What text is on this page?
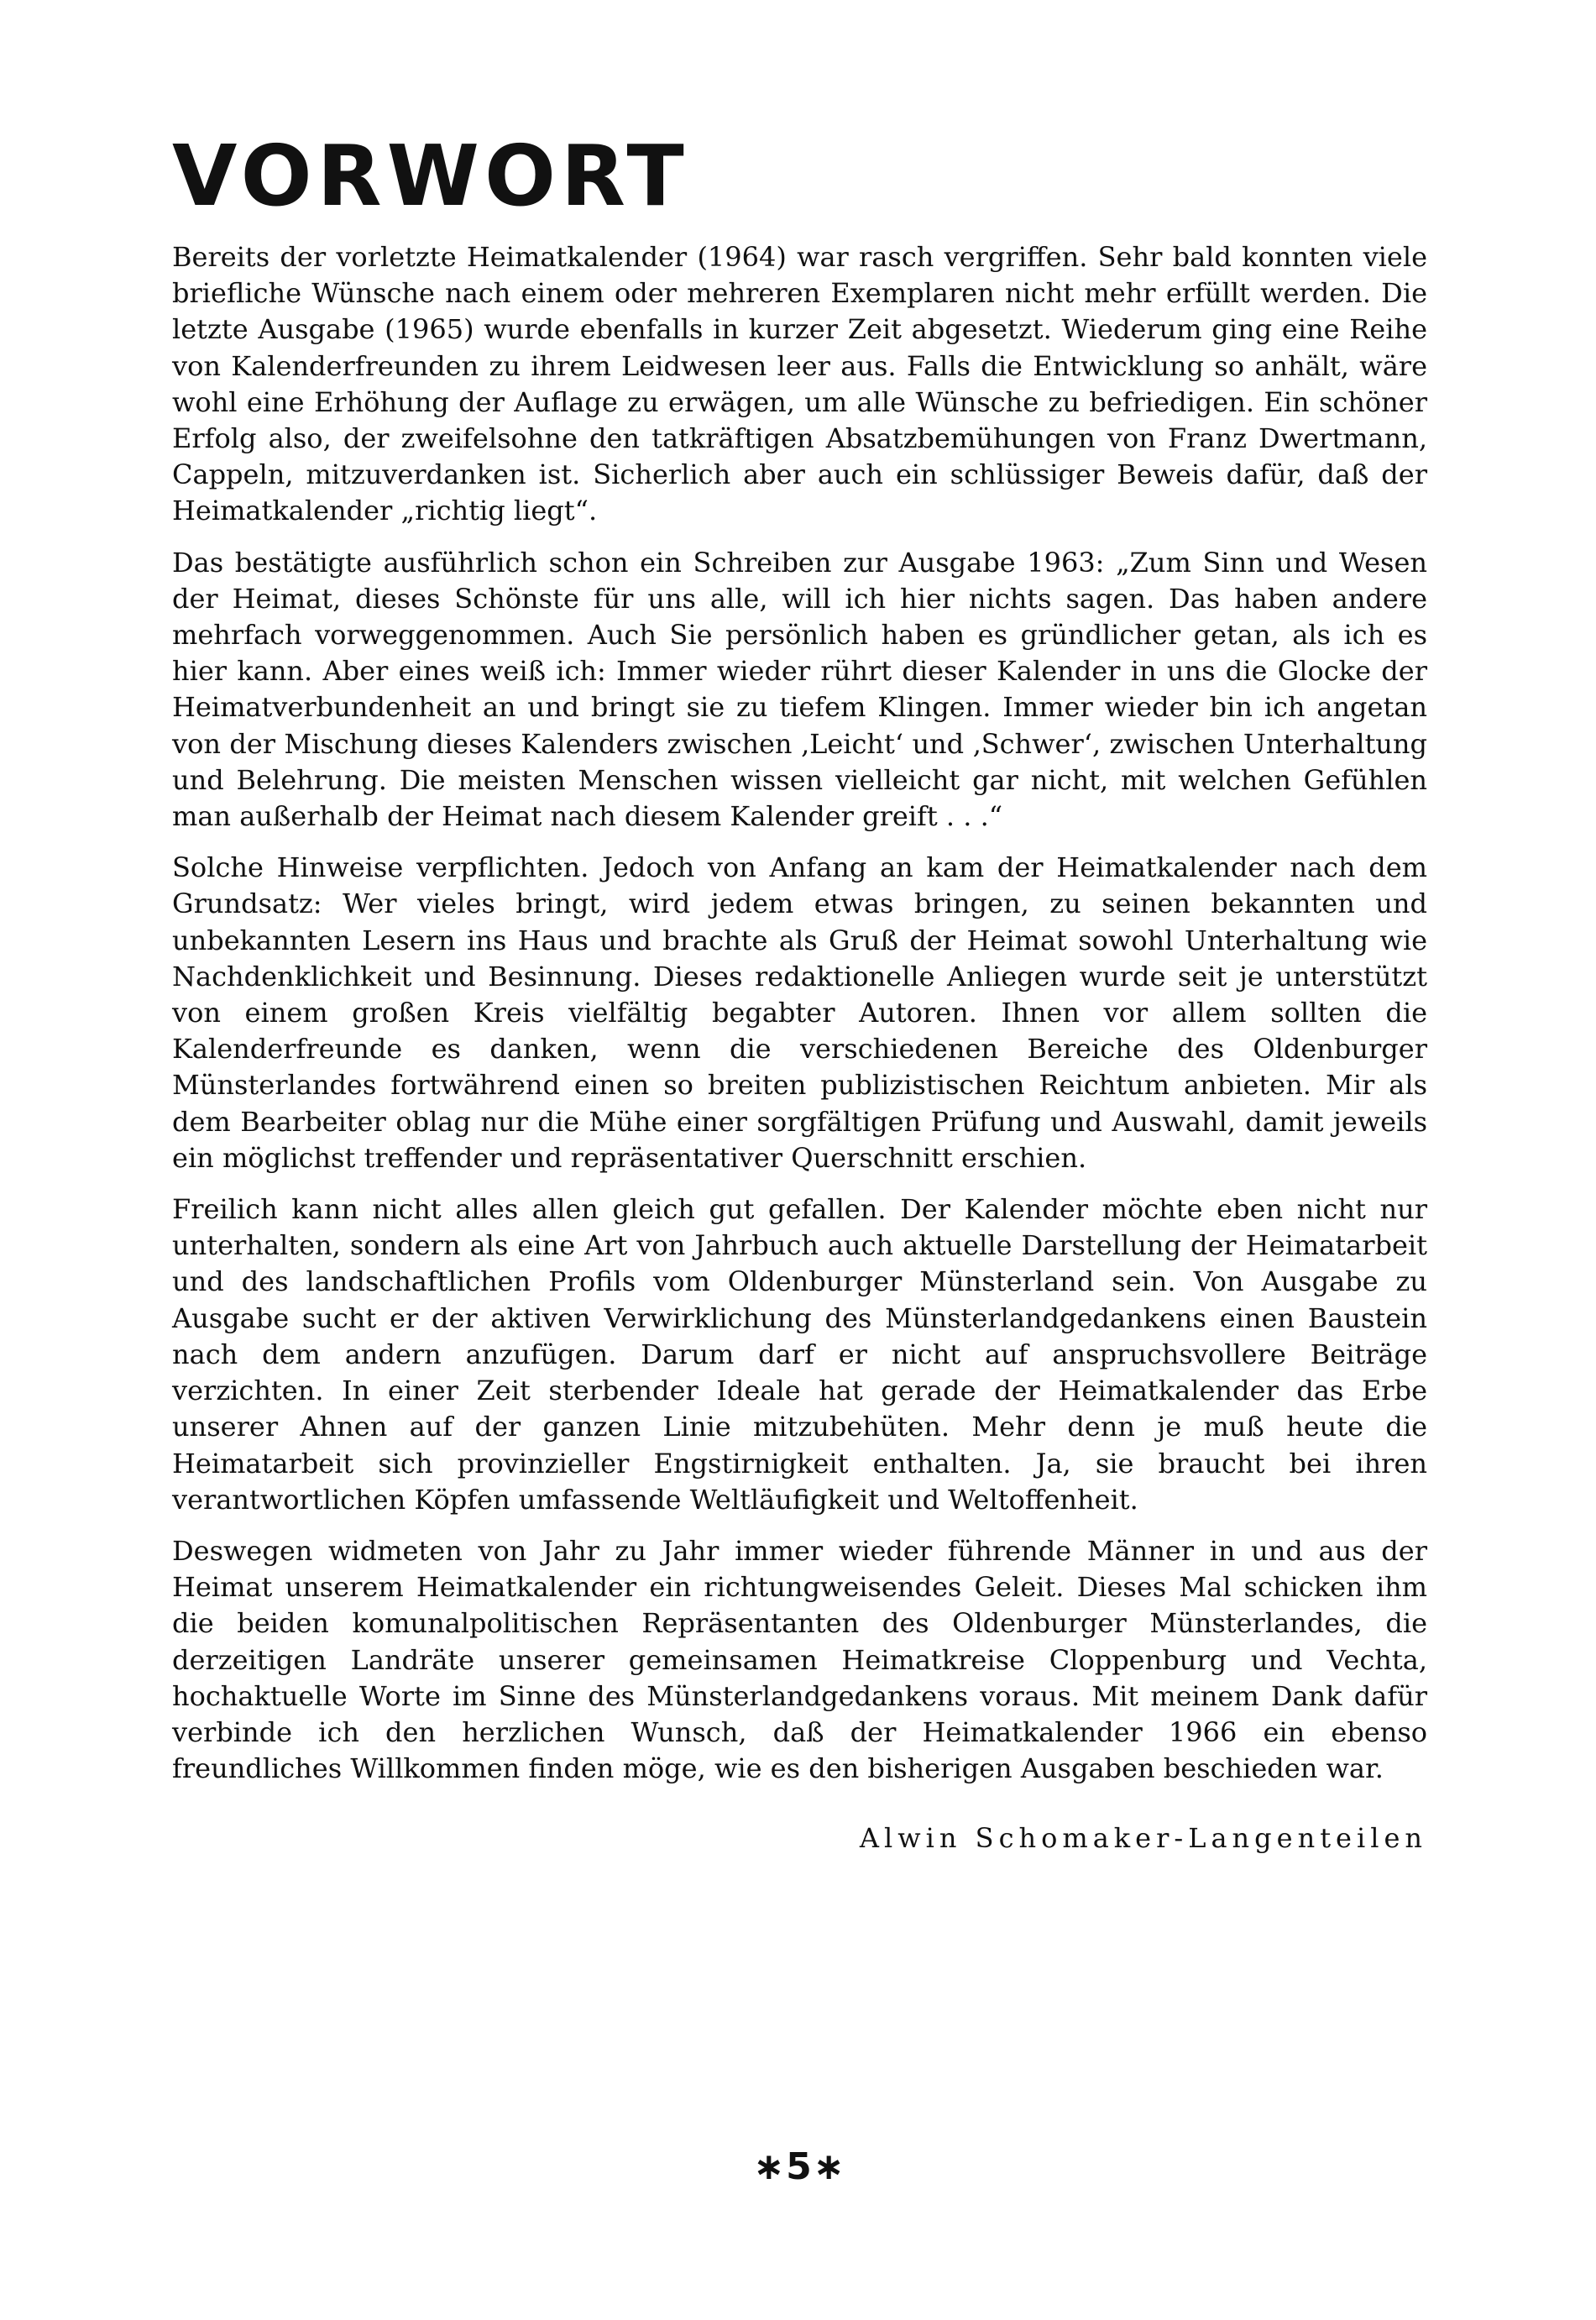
VORWORT

Bereits der vorletzte Heimatkalender (1964) war rasch vergriffen. Sehr bald konnten viele briefliche Wünsche nach einem oder mehreren Exemplaren nicht mehr erfüllt werden. Die letzte Ausgabe (1965) wurde ebenfalls in kurzer Zeit abgesetzt. Wiederum ging eine Reihe von Kalenderfreunden zu ihrem Leidwesen leer aus. Falls die Entwicklung so anhält, wäre wohl eine Erhöhung der Auflage zu erwägen, um alle Wünsche zu befriedigen. Ein schöner Erfolg also, der zweifelsohne den tatkräftigen Absatzbemühungen von Franz Dwertmann, Cappeln, mitzuverdanken ist. Sicherlich aber auch ein schlüssiger Beweis dafür, daß der Heimatkalender „richtig liegt“.

Das bestätigte ausführlich schon ein Schreiben zur Ausgabe 1963: „Zum Sinn und Wesen der Heimat, dieses Schönste für uns alle, will ich hier nichts sagen. Das haben andere mehrfach vorweggenommen. Auch Sie persönlich haben es gründlicher getan, als ich es hier kann. Aber eines weiß ich: Immer wieder rührt dieser Kalender in uns die Glocke der Heimatverbundenheit an und bringt sie zu tiefem Klingen. Immer wieder bin ich angetan von der Mischung dieses Kalenders zwischen ‚Leicht‘ und ‚Schwer‘, zwischen Unterhaltung und Belehrung. Die meisten Menschen wissen vielleicht gar nicht, mit welchen Gefühlen man außerhalb der Heimat nach diesem Kalender greift . . .“

Solche Hinweise verpflichten. Jedoch von Anfang an kam der Heimatkalender nach dem Grundsatz: Wer vieles bringt, wird jedem etwas bringen, zu seinen bekannten und unbekannten Lesern ins Haus und brachte als Gruß der Heimat sowohl Unterhaltung wie Nachdenklichkeit und Besinnung. Dieses redaktionelle Anliegen wurde seit je unterstützt von einem großen Kreis vielfältig begabter Autoren. Ihnen vor allem sollten die Kalenderfreunde es danken, wenn die verschiedenen Bereiche des Oldenburger Münsterlandes fortwährend einen so breiten publizistischen Reichtum anbieten. Mir als dem Bearbeiter oblag nur die Mühe einer sorgfältigen Prüfung und Auswahl, damit jeweils ein möglichst treffender und repräsentativer Querschnitt erschien.

Freilich kann nicht alles allen gleich gut gefallen. Der Kalender möchte eben nicht nur unterhalten, sondern als eine Art von Jahrbuch auch aktuelle Darstellung der Heimatarbeit und des landschaftlichen Profils vom Oldenburger Münsterland sein. Von Ausgabe zu Ausgabe sucht er der aktiven Verwirklichung des Münsterlandgedankens einen Baustein nach dem andern anzufügen. Darum darf er nicht auf anspruchsvollere Beiträge verzichten. In einer Zeit sterbender Ideale hat gerade der Heimatkalender das Erbe unserer Ahnen auf der ganzen Linie mitzubehüten. Mehr denn je muß heute die Heimatarbeit sich provinzieller Engstirnigkeit enthalten. Ja, sie braucht bei ihren verantwortlichen Köpfen umfassende Weltläufigkeit und Weltoffenheit.

Deswegen widmeten von Jahr zu Jahr immer wieder führende Männer in und aus der Heimat unserem Heimatkalender ein richtungweisendes Geleit. Dieses Mal schicken ihm die beiden komunalpolitischen Repräsentanten des Oldenburger Münsterlandes, die derzeitigen Landräte unserer gemeinsamen Heimatkreise Cloppenburg und Vechta, hochaktuelle Worte im Sinne des Münsterlandgedankens voraus. Mit meinem Dank dafür verbinde ich den herzlichen Wunsch, daß der Heimatkalender 1966 ein ebenso freundliches Willkommen finden möge, wie es den bisherigen Ausgaben beschieden war.

Alwin Schomaker-Langenteilen

∗5∗
